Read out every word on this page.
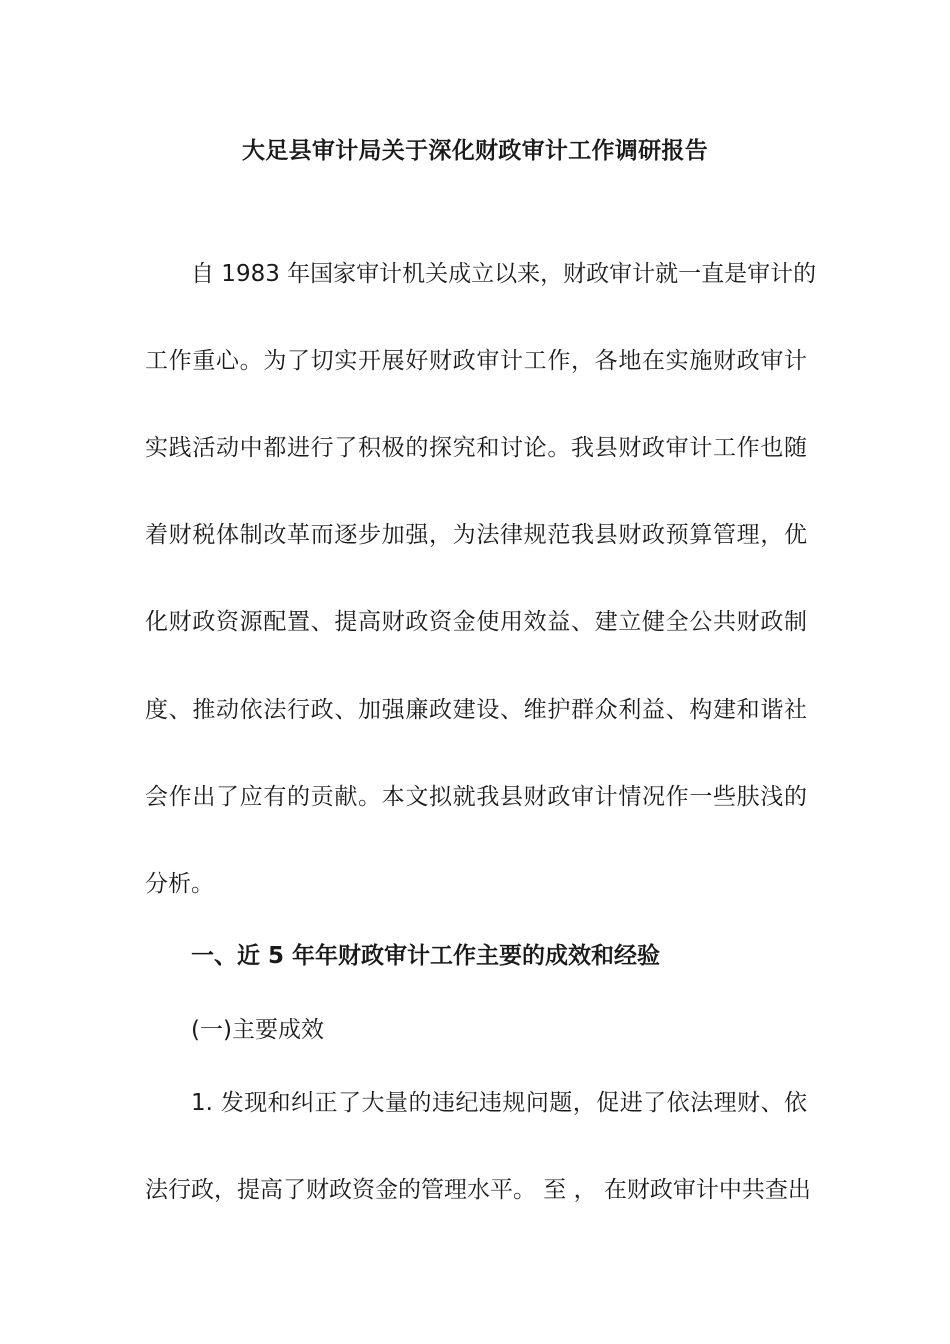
大足县审计局关于深化财政审计工作调研报告
自 1983 年国家审计机关成立以来，财政审计就一直是审计的
工作重心。为了切实开展好财政审计工作，各地在实施财政审计
实践活动中都进行了积极的探究和讨论。我县财政审计工作也随
着财税体制改革而逐步加强，为法律规范我县财政预算管理，优
化财政资源配置、提高财政资金使用效益、建立健全公共财政制
度、推动依法行政、加强廉政建设、维护群众利益、构建和谐社
会作出了应有的贡献。本文拟就我县财政审计情况作一些肤浅的
分析。
一、近 5 年年财政审计工作主要的成效和经验
(一)主要成效
1. 发现和纠正了大量的违纪违规问题，促进了依法理财、依
法行政，提高了财政资金的管理水平。 至 ， 在财政审计中共查出
